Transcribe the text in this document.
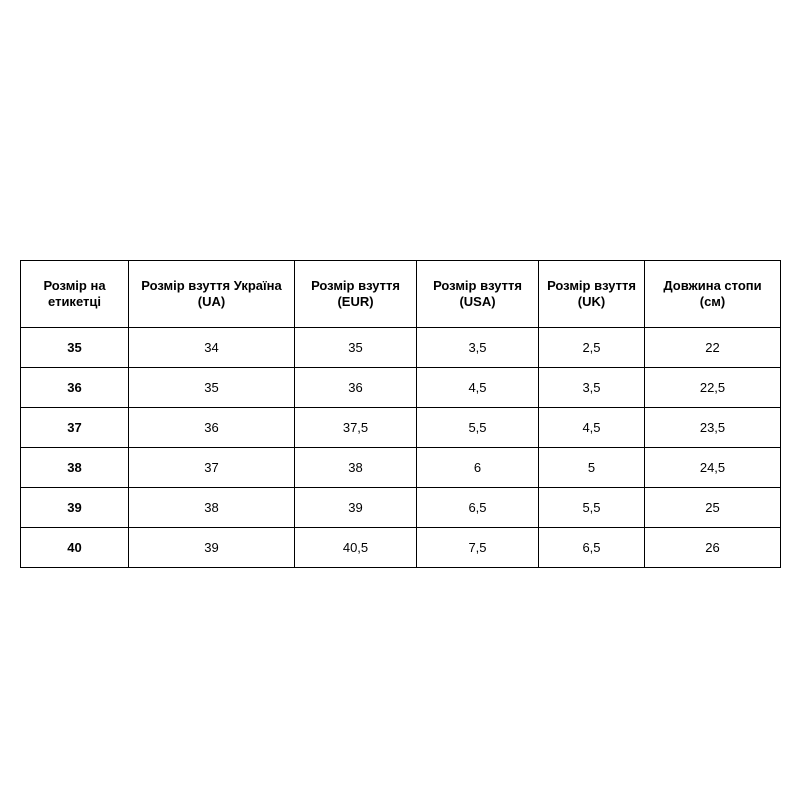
Розмір на етикетці	Розмір взуття Україна (UA)	Розмір взуття (EUR)	Розмір взуття (USA)	Розмір взуття (UK)	Довжина стопи (см)
35	34	35	3,5	2,5	22
36	35	36	4,5	3,5	22,5
37	36	37,5	5,5	4,5	23,5
38	37	38	6	5	24,5
39	38	39	6,5	5,5	25
40	39	40,5	7,5	6,5	26
